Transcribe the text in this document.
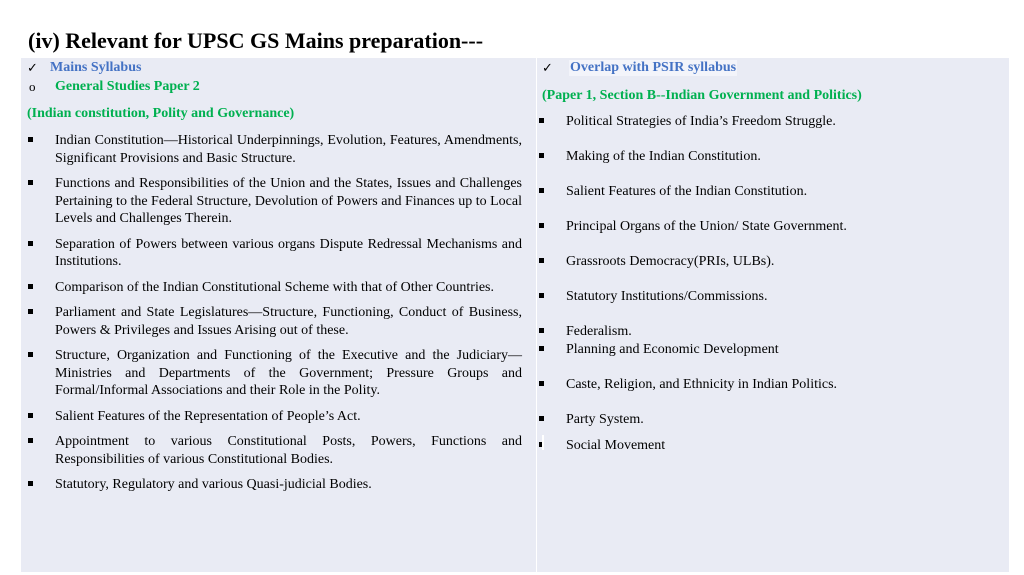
(iv) Relevant for UPSC GS Mains preparation---
✓ Mains Syllabus
o	General Studies Paper 2
(Indian constitution, Polity and Governance)
Indian Constitution—Historical Underpinnings, Evolution, Features, Amendments, Significant Provisions and Basic Structure.
Functions and Responsibilities of the Union and the States, Issues and Challenges Pertaining to the Federal Structure, Devolution of Powers and Finances up to Local Levels and Challenges Therein.
Separation of Powers between various organs Dispute Redressal Mechanisms and Institutions.
Comparison of the Indian Constitutional Scheme with that of Other Countries.
Parliament and State Legislatures—Structure, Functioning, Conduct of Business, Powers & Privileges and Issues Arising out of these.
Structure, Organization and Functioning of the Executive and the Judiciary—Ministries and Departments of the Government; Pressure Groups and Formal/Informal Associations and their Role in the Polity.
Salient Features of the Representation of People’s Act.
Appointment to various Constitutional Posts, Powers, Functions and Responsibilities of various Constitutional Bodies.
Statutory, Regulatory and various Quasi-judicial Bodies.
✓	Overlap with PSIR syllabus
(Paper 1, Section B--Indian Government and Politics)
Political Strategies of India’s Freedom Struggle.
Making of the Indian Constitution.
Salient Features of the Indian Constitution.
Principal Organs of the Union/ State Government.
Grassroots Democracy(PRIs, ULBs).
Statutory Institutions/Commissions.
Federalism.
Planning and Economic Development
Caste, Religion, and Ethnicity in Indian Politics.
Party System.
Social Movement
